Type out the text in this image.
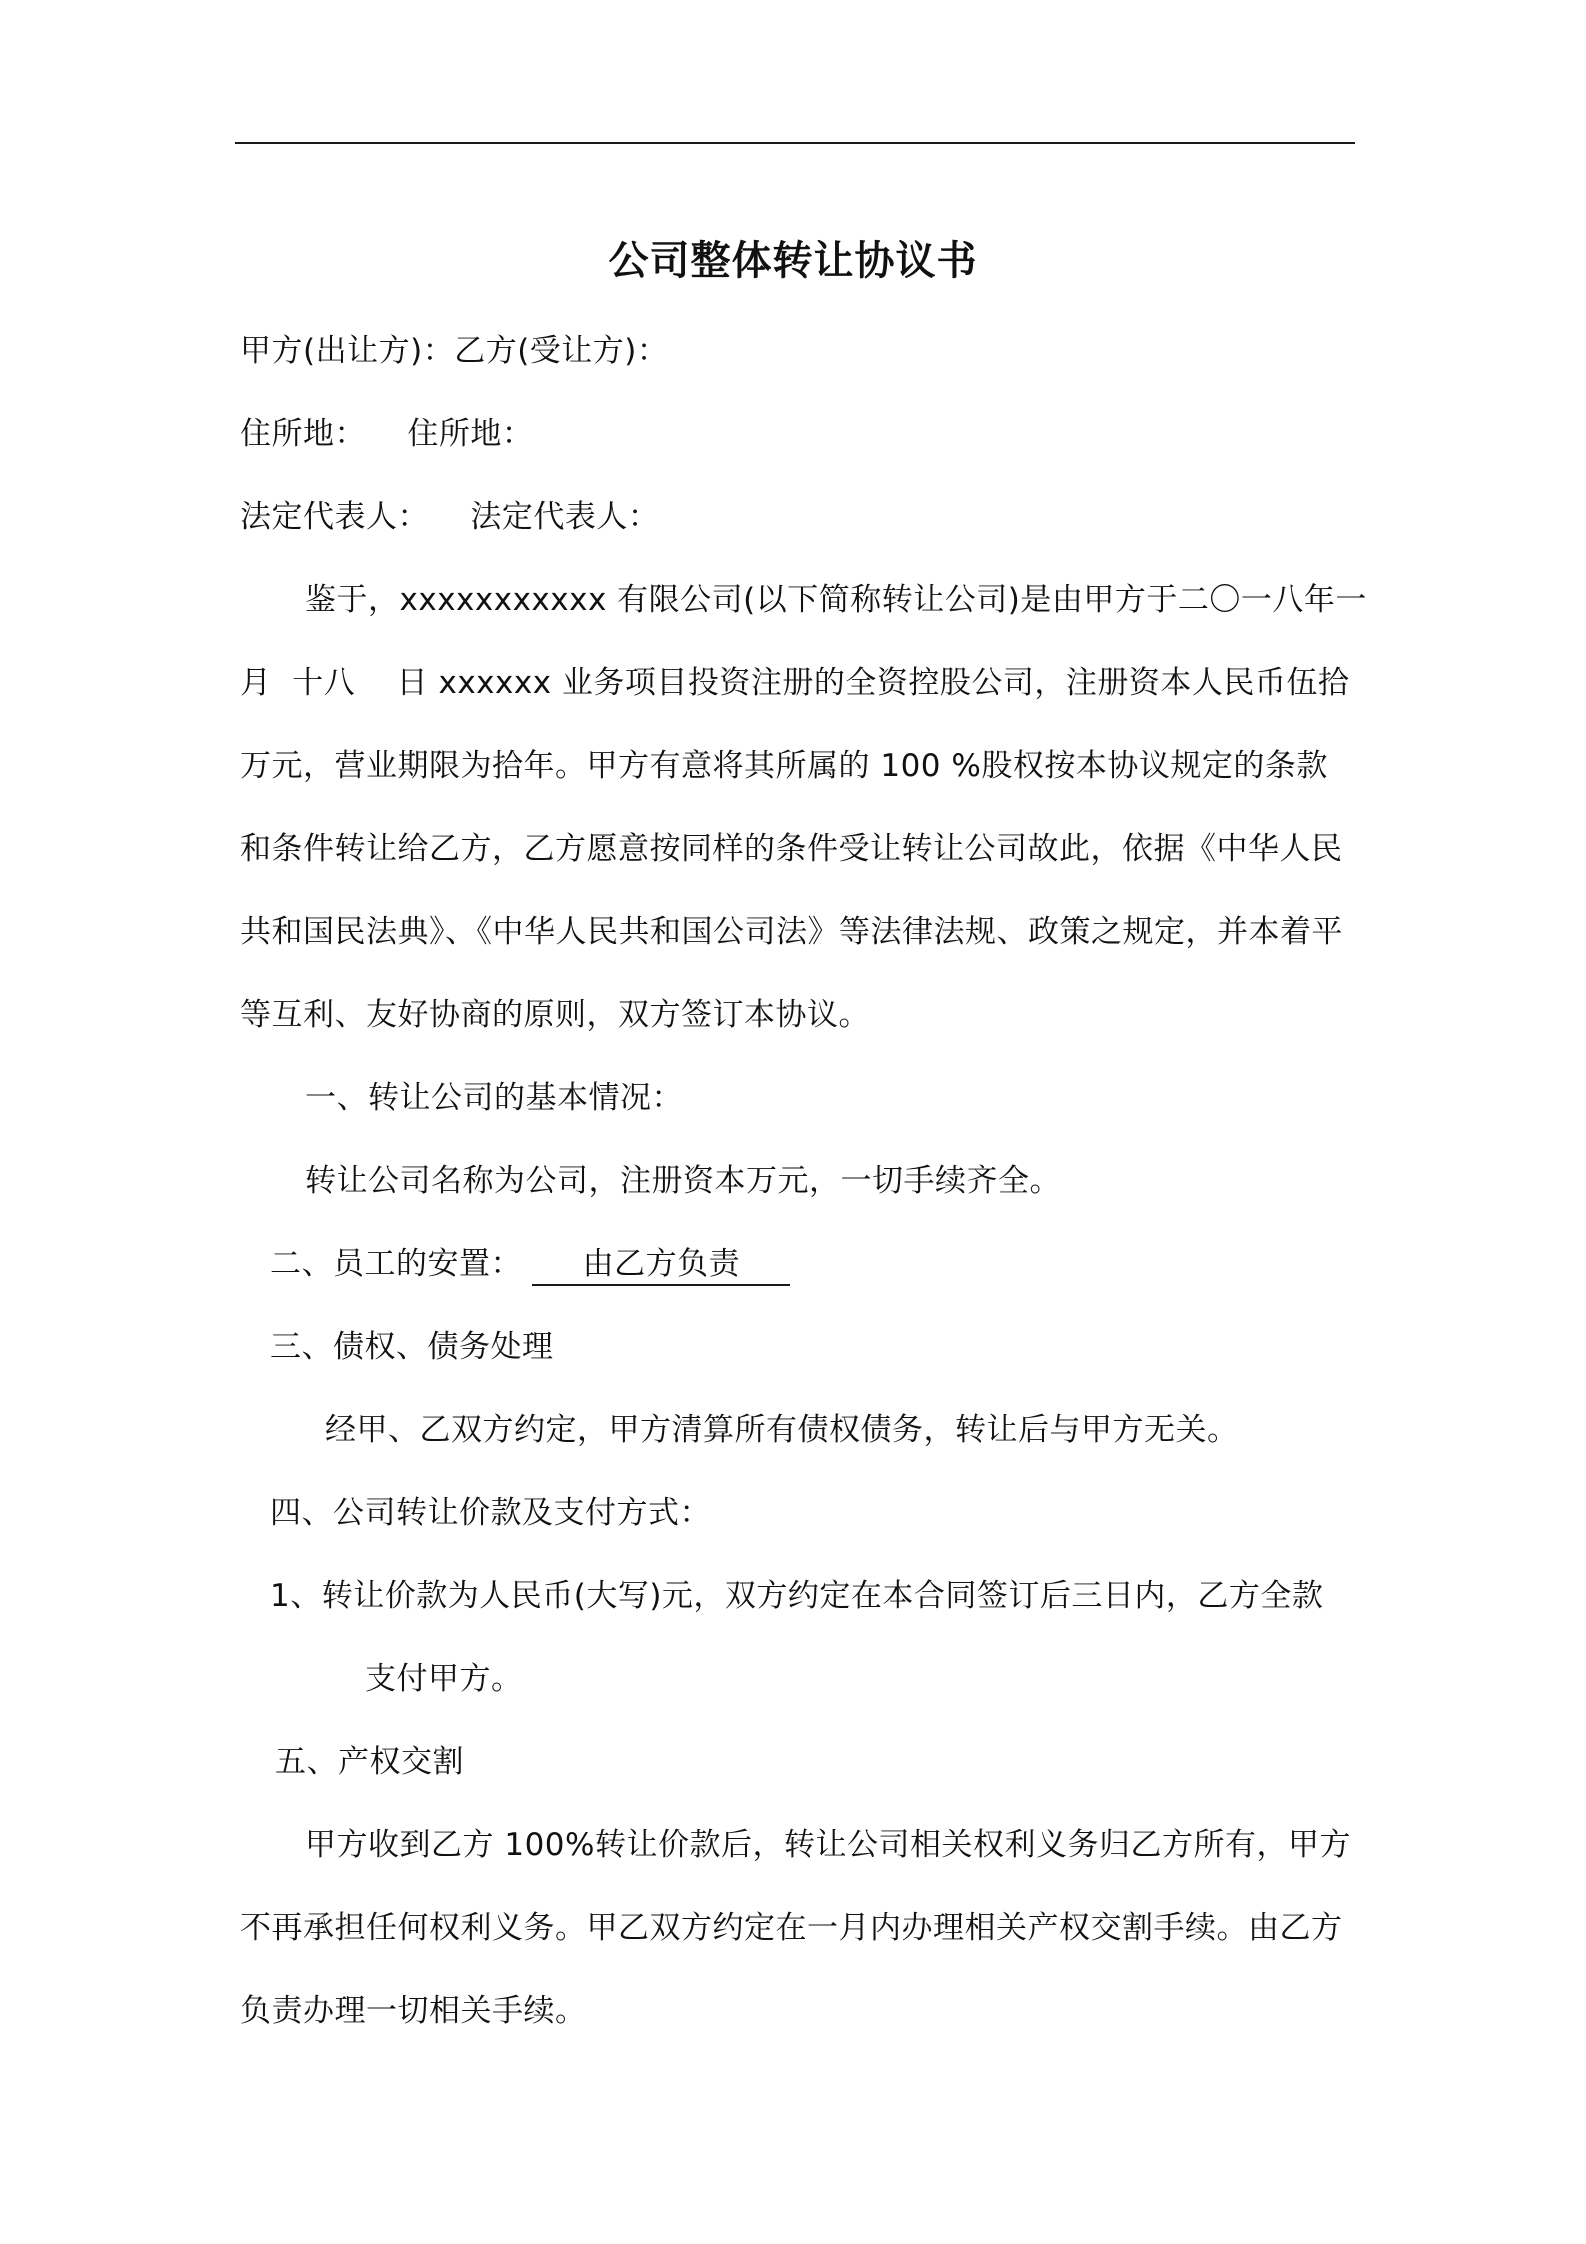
公司整体转让协议书
甲方(出让方)：乙方(受让方)：
住所地：    住所地：
法定代表人：    法定代表人：
鉴于，xxxxxxxxxxx 有限公司(以下简称转让公司)是由甲方于二〇一八年一
月  十八    日 xxxxxx 业务项目投资注册的全资控股公司，注册资本人民币伍拾
万元，营业期限为拾年。甲方有意将其所属的 100 %股权按本协议规定的条款
和条件转让给乙方，乙方愿意按同样的条件受让转让公司故此，依据《中华人民
共和国民法典》、《中华人民共和国公司法》等法律法规、政策之规定，并本着平
等互利、友好协商的原则，双方签订本协议。
一、转让公司的基本情况：
转让公司名称为公司，注册资本万元，一切手续齐全。
二、员工的安置： 由乙方负责
三、债权、债务处理
经甲、乙双方约定，甲方清算所有债权债务，转让后与甲方无关。
四、公司转让价款及支付方式：
1、转让价款为人民币(大写)元，双方约定在本合同签订后三日内，乙方全款
支付甲方。
五、产权交割
甲方收到乙方 100%转让价款后，转让公司相关权利义务归乙方所有，甲方
不再承担任何权利义务。甲乙双方约定在一月内办理相关产权交割手续。由乙方
负责办理一切相关手续。
